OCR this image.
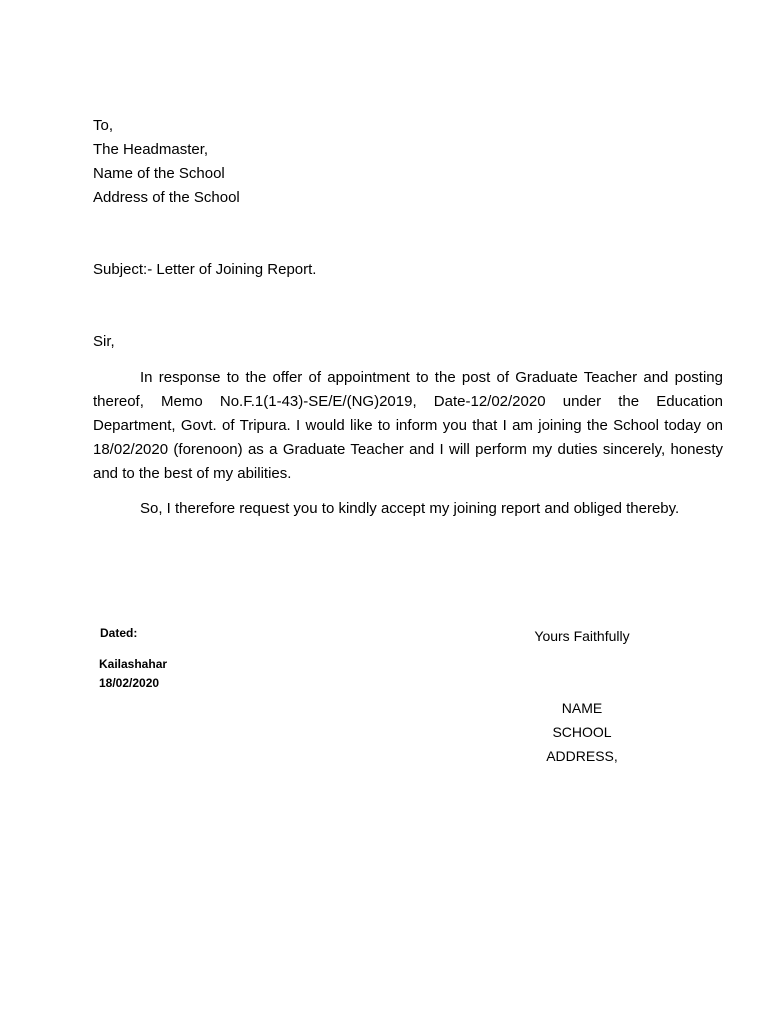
To,
The Headmaster,
Name of the School
Address of the School
Subject:- Letter of Joining Report.
Sir,
In response to the offer of appointment to the post of Graduate Teacher and posting thereof, Memo No.F.1(1-43)-SE/E/(NG)2019, Date-12/02/2020 under the Education Department, Govt. of Tripura. I would like to inform you that I am joining the School today on 18/02/2020 (forenoon) as a Graduate Teacher and I will perform my duties sincerely, honesty and to the best of my abilities.
So, I therefore request you to kindly accept my joining report and obliged thereby.
Dated:
Kailashahar
18/02/2020
Yours Faithfully
NAME
SCHOOL
ADDRESS,
